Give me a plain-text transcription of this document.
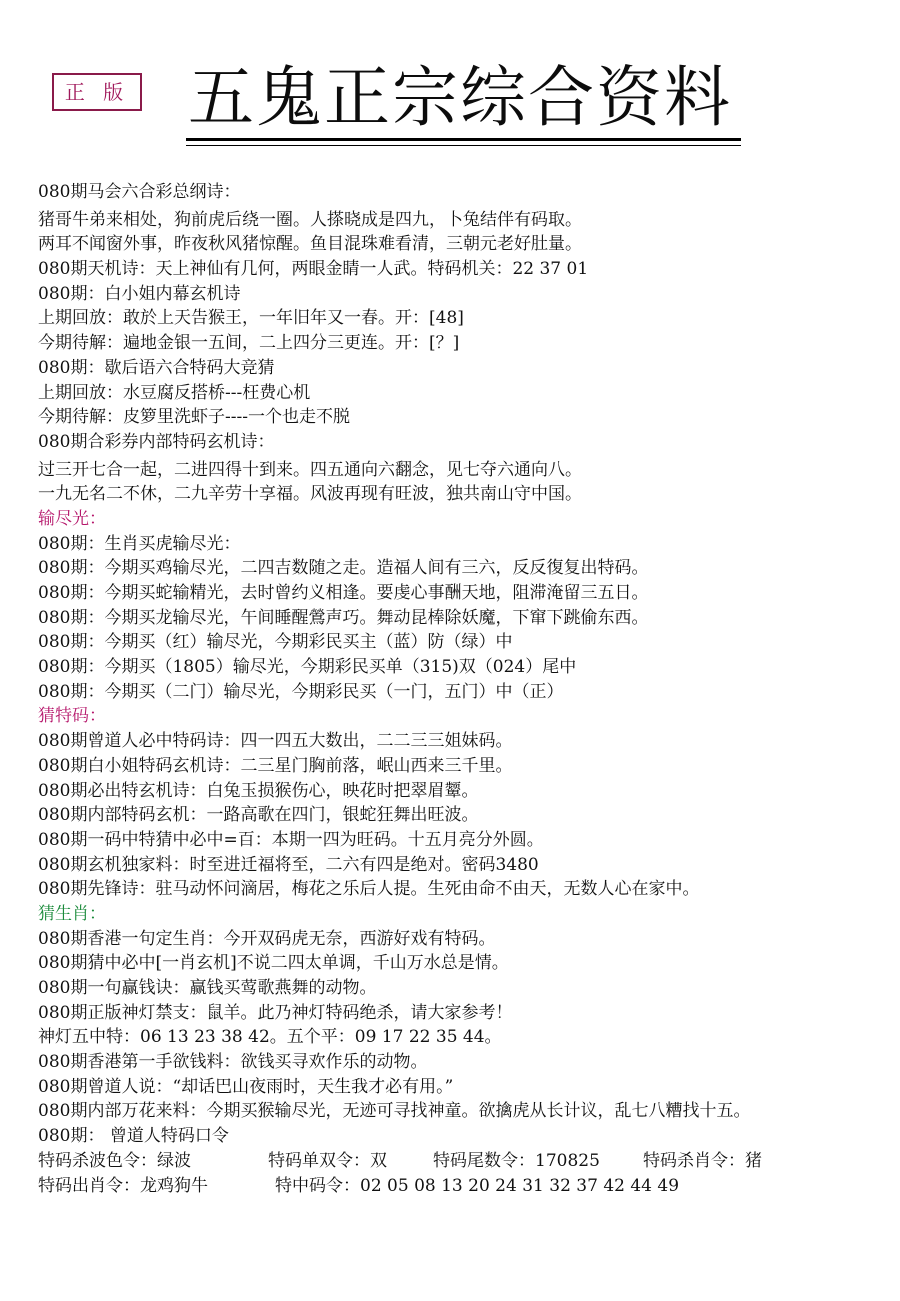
正 版 五鬼正宗综合资料
080期马会六合彩总纲诗：
猪哥牛弟来相处，狗前虎后绕一圈。人搽晓成是四九，卜兔结伴有码取。
两耳不闻窗外事，昨夜秋风猪惊醒。鱼目混珠难看清，三朝元老好肚量。
080期天机诗：天上神仙有几何，两眼金睛一人武。特码机关：22 37 01
080期：白小姐内幕玄机诗
上期回放：敢於上天告猴王，一年旧年又一春。开：[48]
今期待解：遍地金银一五间，二上四分三更连。开：[？]
080期：歇后语六合特码大竞猜
上期回放：水豆腐反搭桥---枉费心机
今期待解：皮箩里洗虾子----一个也走不脱
080期合彩券内部特码玄机诗：
过三开七合一起，二进四得十到来。四五通向六翻念，见七夺六通向八。
一九无名二不休，二九辛劳十享福。风波再现有旺波，独共南山守中国。
输尽光：
080期：生肖买虎输尽光：
080期：今期买鸡输尽光，二四吉数随之走。造福人间有三六，反反復复出特码。
080期：今期买蛇输精光，去时曾约义相逢。要虔心事酬天地，阻滞淹留三五日。
080期：今期买龙输尽光，午间睡醒鶯声巧。舞动昆棒除妖魔，下窜下跳偷东西。
080期：今期买（红）输尽光，今期彩民买主（蓝）防（绿）中
080期：今期买（1805）输尽光，今期彩民买单（315)双（024）尾中
080期：今期买（二门）输尽光，今期彩民买（一门，五门）中（正）
猜特码：
080期曾道人必中特码诗：四一四五大数出，二二三三姐妹码。
080期白小姐特码玄机诗：二三星门胸前落，岷山西来三千里。
080期必出特玄机诗：白兔玉损猴伤心，映花时把翠眉颦。
080期内部特码玄机：一路高歌在四门，银蛇狂舞出旺波。
080期一码中特猜中必中=百：本期一四为旺码。十五月亮分外圆。
080期玄机独家料：时至进迁福将至，二六有四是绝对。密码3480
080期先锋诗：驻马动怀问滴居，梅花之乐后人提。生死由命不由天，无数人心在家中。
猜生肖：
080期香港一句定生肖：今开双码虎无奈，西游好戏有特码。
080期猜中必中[一肖玄机]不说二四太单调，千山万水总是情。
080期一句赢钱诀：赢钱买莺歌燕舞的动物。
080期正版神灯禁支：鼠羊。此乃神灯特码绝杀，请大家参考！
神灯五中特：06 13 23 38 42。五个平：09 17 22 35 44。
080期香港第一手欲钱料：欲钱买寻欢作乐的动物。
080期曾道人说：“却话巴山夜雨时，天生我才必有用。”
080期内部万花来料：今期买猴输尽光，无迹可寻找神童。欲擒虎从长计议，乱七八糟找十五。
080期： 曾道人特码口令
特码杀波色令：绿波	特码单双令：双	特码尾数令：170825	特码杀肖令：猪
特码出肖令：龙鸡狗牛	特中码令：02 05 08 13 20 24 31 32 37 42 44 49
